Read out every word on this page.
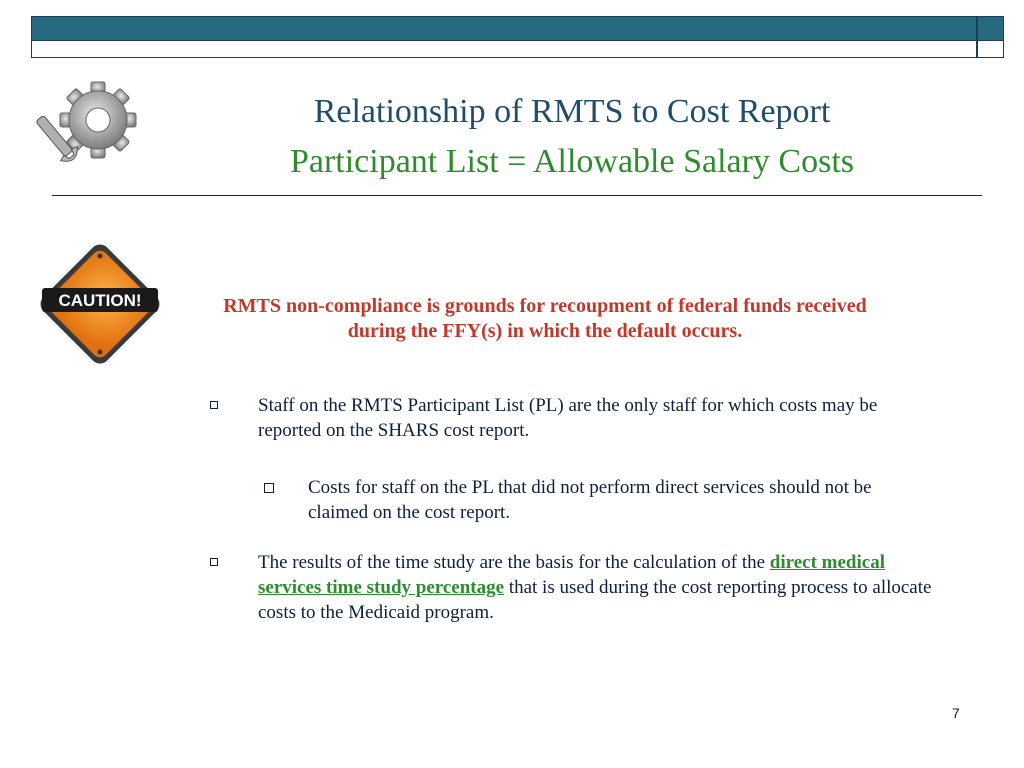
Relationship of RMTS to Cost Report
Participant List = Allowable Salary Costs
CAUTION!	RMTS non-compliance is grounds for recoupment of federal funds received during the FFY(s) in which the default occurs.
Staff on the RMTS Participant List (PL) are the only staff for which costs may be reported on the SHARS cost report.
Costs for staff on the PL that did not perform direct services should not be claimed on the cost report.
The results of the time study are the basis for the calculation of the direct medical services time study percentage that is used during the cost reporting process to allocate costs to the Medicaid program.
7
